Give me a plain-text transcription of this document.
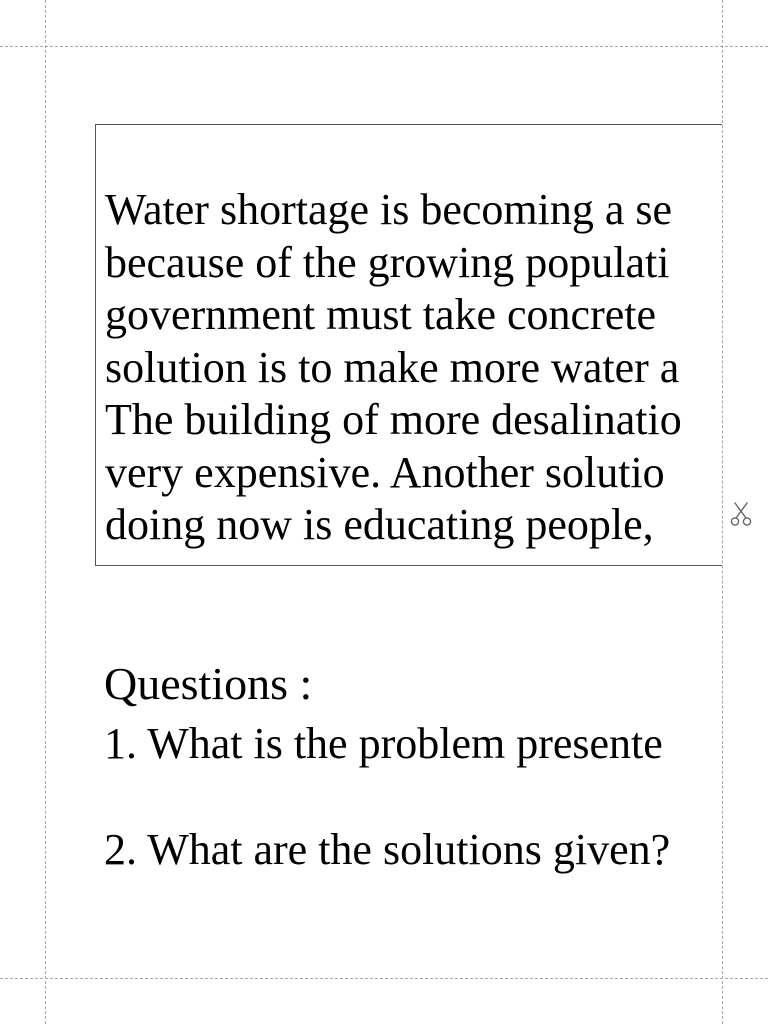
Water shortage is becoming a se
because of the growing populati
government must take concrete
solution is to make more water a
The building of more desalinatio
very expensive. Another solutio
doing now is educating people,

Questions :

1. What is the problem presente

2. What are the solutions given?
